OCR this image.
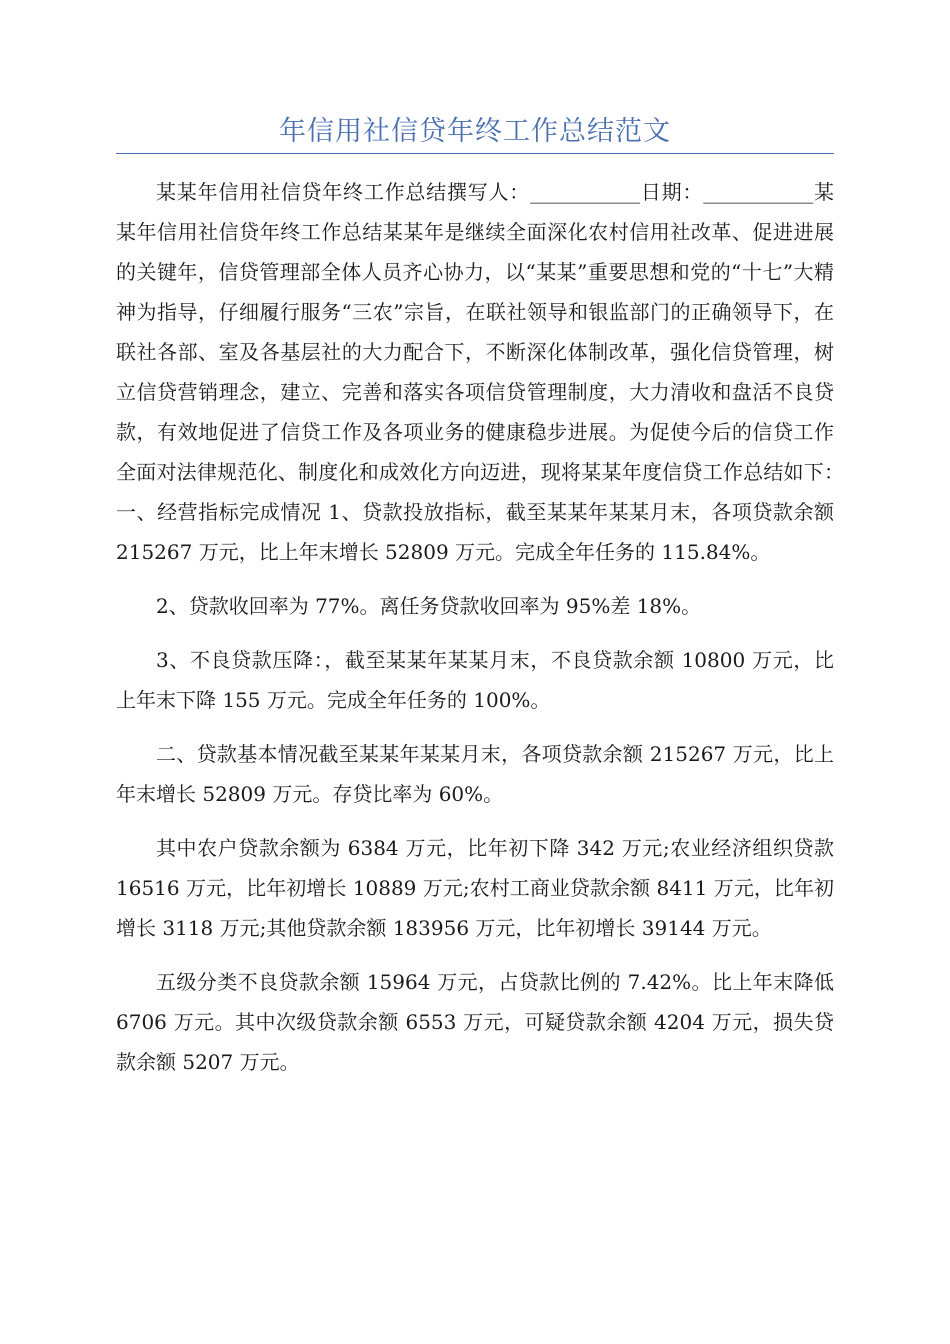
年信用社信贷年终工作总结范文

某某年信用社信贷年终工作总结撰写人：___________日期：___________某某年信用社信贷年终工作总结某某年是继续全面深化农村信用社改革、促进进展的关键年，信贷管理部全体人员齐心协力，以“某某”重要思想和党的“十七”大精神为指导，仔细履行服务“三农”宗旨，在联社领导和银监部门的正确领导下，在联社各部、室及各基层社的大力配合下，不断深化体制改革，强化信贷管理，树立信贷营销理念，建立、完善和落实各项信贷管理制度，大力清收和盘活不良贷款，有效地促进了信贷工作及各项业务的健康稳步进展。为促使今后的信贷工作全面对法律规范化、制度化和成效化方向迈进，现将某某年度信贷工作总结如下：　一、经营指标完成情况 1、贷款投放指标，截至某某年某某月末，各项贷款余额 215267 万元，比上年末增长 52809 万元。完成全年任务的 115.84%。

2、贷款收回率为 77%。离任务贷款收回率为 95%差 18%。

3、不良贷款压降：，截至某某年某某月末，不良贷款余额 10800 万元，比上年末下降 155 万元。完成全年任务的 100%。

二、贷款基本情况截至某某年某某月末，各项贷款余额 215267 万元，比上年末增长 52809 万元。存贷比率为 60%。

其中农户贷款余额为 6384 万元，比年初下降 342 万元;农业经济组织贷款 16516 万元，比年初增长 10889 万元;农村工商业贷款余额 8411 万元，比年初增长 3118 万元;其他贷款余额 183956 万元，比年初增长 39144 万元。

五级分类不良贷款余额 15964 万元，占贷款比例的 7.42%。比上年末降低 6706 万元。其中次级贷款余额 6553 万元，可疑贷款余额 4204 万元，损失贷款余额 5207 万元。
